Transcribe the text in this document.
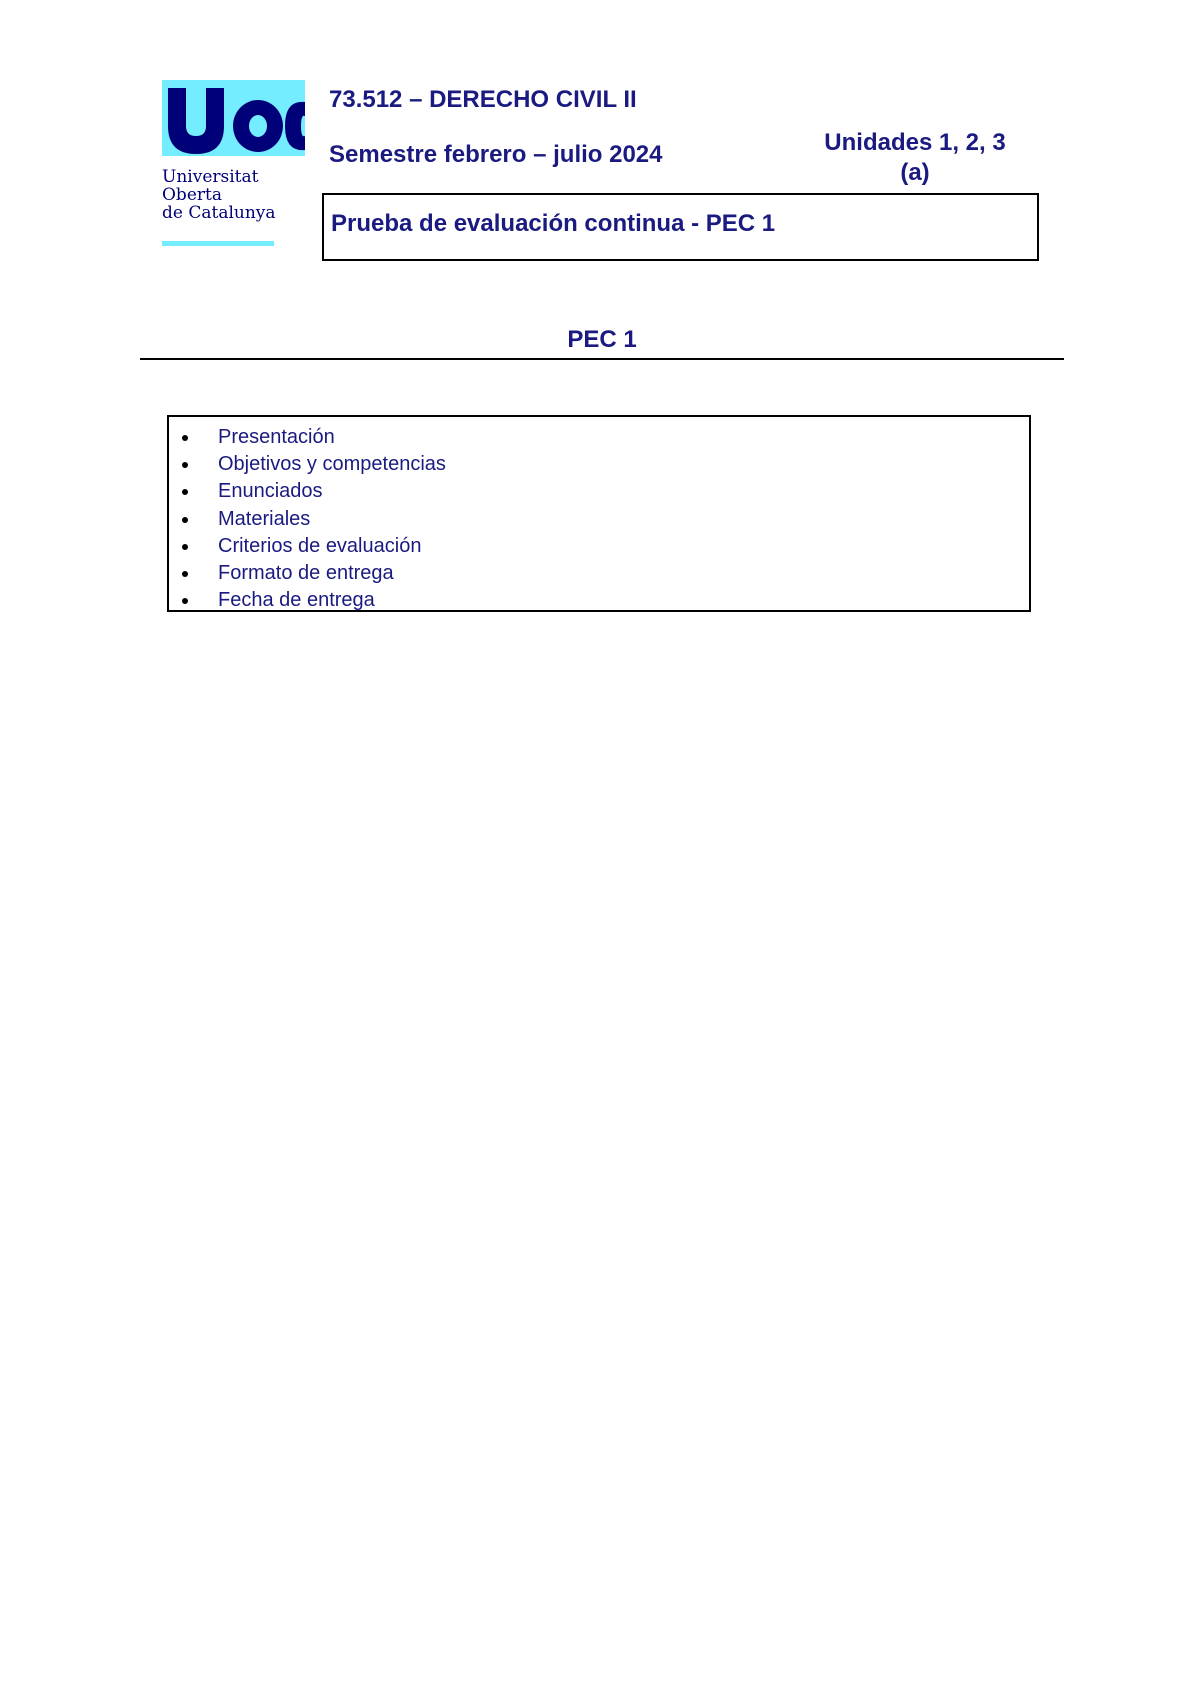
Universitat
Oberta
de Catalunya
73.512 – DERECHO CIVIL II
Semestre febrero – julio 2024	Unidades 1, 2, 3
(a)
Prueba de evaluación continua - PEC 1
PEC 1
Presentación
Objetivos y competencias
Enunciados
Materiales
Criterios de evaluación
Formato de entrega
Fecha de entrega
